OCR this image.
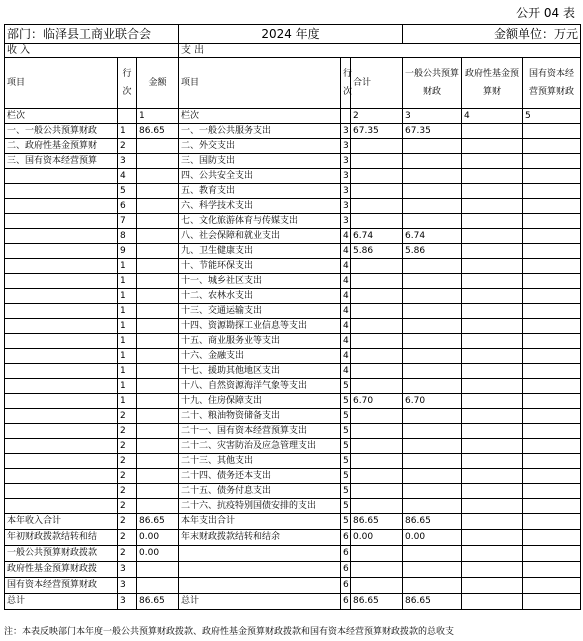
公开 04 表
部门：临泽县工商业联合会			2024 年度			金额单位：万元		
收 入			支 出					
项目	行次	金额	项目	行次	合计	一般公共预算财政	政府性基金预算财	国有资本经营预算财政
栏次		1	栏次		2	3	4	5
一、一般公共预算财政	1	86.65	一、一般公共服务支出	3	67.35	67.35		
二、政府性基金预算财	2		二、外交支出	3				
三、国有资本经营预算	3		三、国防支出	3				
	4		四、公共安全支出	3				
	5		五、教育支出	3				
	6		六、科学技术支出	3				
	7		七、文化旅游体育与传媒支出	3				
	8		八、社会保障和就业支出	4	6.74	6.74		
	9		九、卫生健康支出	4	5.86	5.86		
	1		十、节能环保支出	4				
	1		十一、城乡社区支出	4				
	1		十二、农林水支出	4				
	1		十三、交通运输支出	4				
	1		十四、资源勘探工业信息等支出	4				
	1		十五、商业服务业等支出	4				
	1		十六、金融支出	4				
	1		十七、援助其他地区支出	4				
	1		十八、自然资源海洋气象等支出	5				
	1		十九、住房保障支出	5	6.70	6.70		
	2		二十、粮油物资储备支出	5				
	2		二十一、国有资本经营预算支出	5				
	2		二十二、灾害防治及应急管理支出	5				
	2		二十三、其他支出	5				
	2		二十四、债务还本支出	5				
	2		二十五、债务付息支出	5				
	2		二十六、抗疫特别国债安排的支出	5				
本年收入合计	2	86.65	本年支出合计	5	86.65	86.65		
年初财政拨款结转和结	2	0.00	年末财政拨款结转和结余	6	0.00	0.00		
一般公共预算财政拨款	2	0.00		6				
政府性基金预算财政拨	3			6				
国有资本经营预算财政	3			6				
总计	3	86.65	总计	6	86.65	86.65		
注：本表反映部门本年度一般公共预算财政拨款、政府性基金预算财政拨款和国有资本经营预算财政拨款的总收支
